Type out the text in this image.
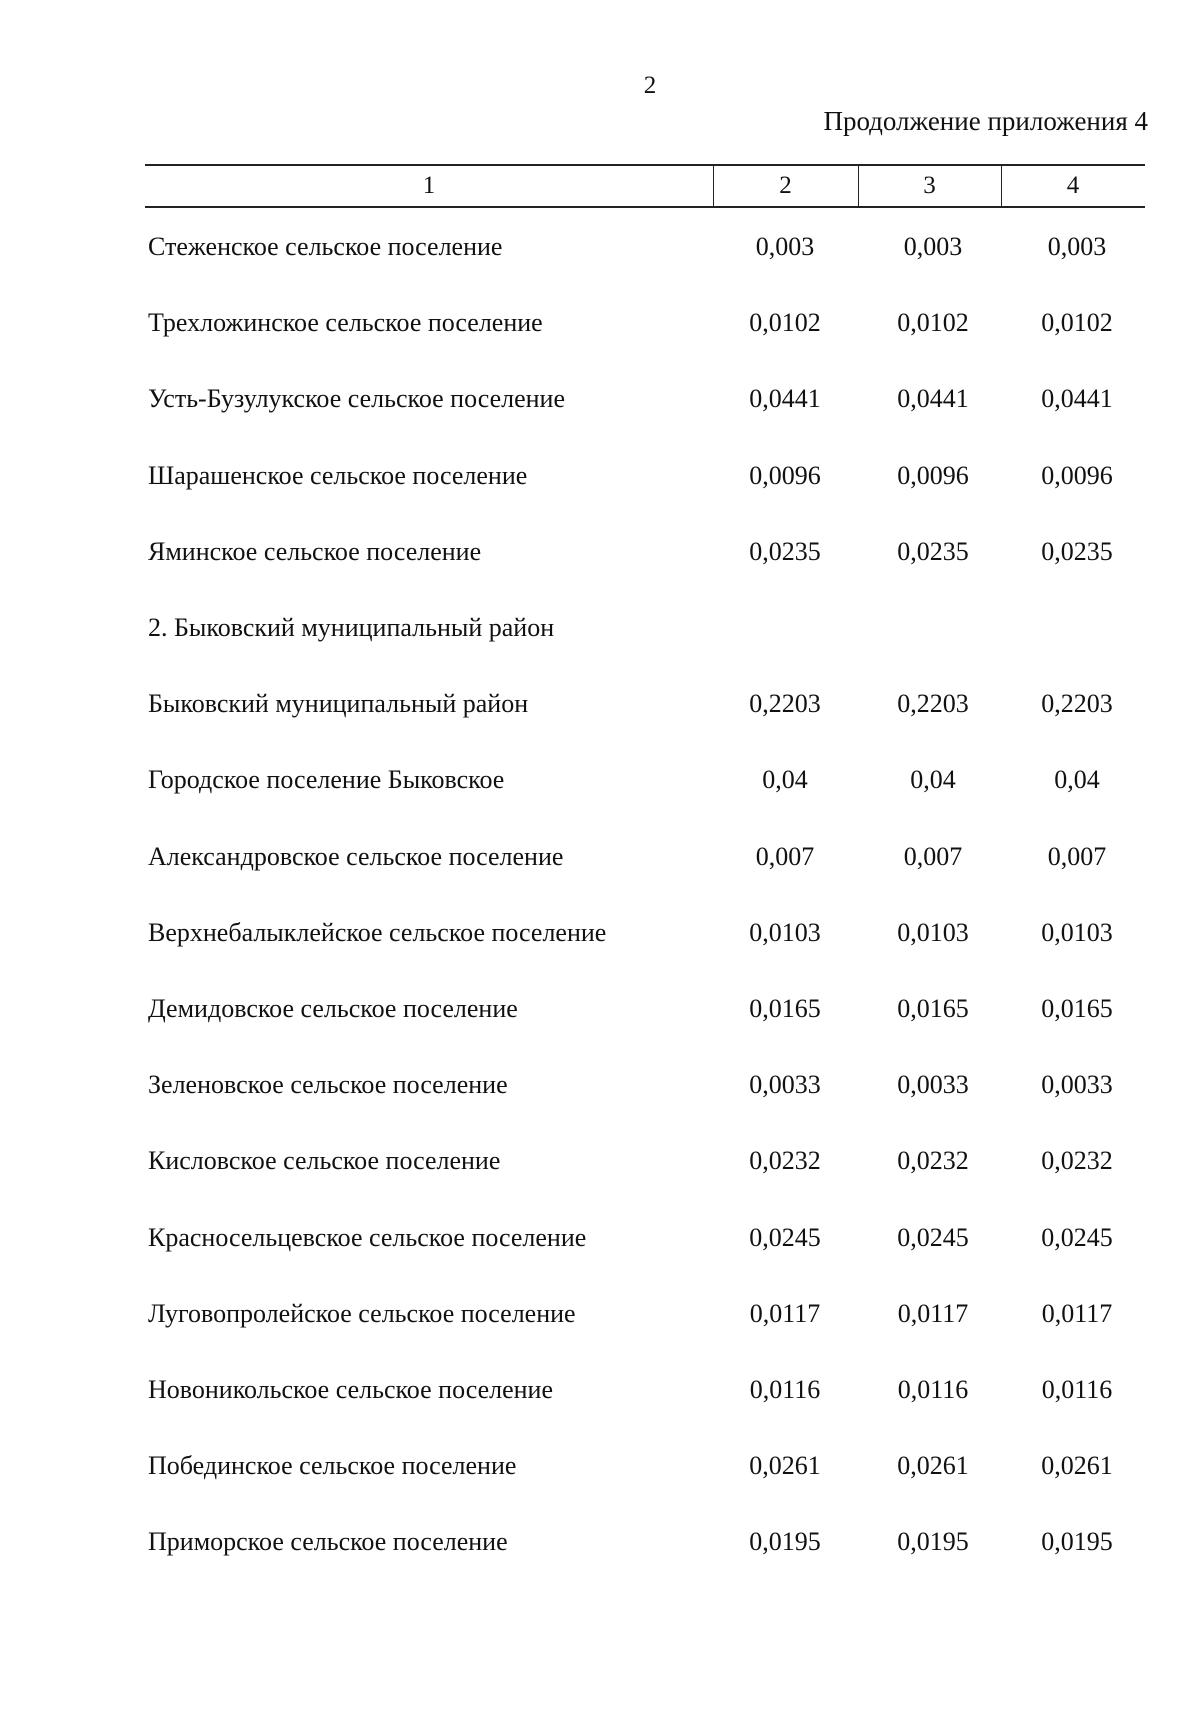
2
Продолжение приложения 4
1	2	3	4
Стеженское сельское поселение	0,003	0,003	0,003
Трехложинское сельское поселение	0,0102	0,0102	0,0102
Усть-Бузулукское сельское поселение	0,0441	0,0441	0,0441
Шарашенское сельское поселение	0,0096	0,0096	0,0096
Яминское сельское поселение	0,0235	0,0235	0,0235
2. Быковский муниципальный район
Быковский муниципальный район	0,2203	0,2203	0,2203
Городское поселение Быковское	0,04	0,04	0,04
Александровское сельское поселение	0,007	0,007	0,007
Верхнебалыклейское сельское поселение	0,0103	0,0103	0,0103
Демидовское сельское поселение	0,0165	0,0165	0,0165
Зеленовское сельское поселение	0,0033	0,0033	0,0033
Кисловское сельское поселение	0,0232	0,0232	0,0232
Красносельцевское сельское поселение	0,0245	0,0245	0,0245
Луговопролейское сельское поселение	0,0117	0,0117	0,0117
Новоникольское сельское поселение	0,0116	0,0116	0,0116
Побединское сельское поселение	0,0261	0,0261	0,0261
Приморское сельское поселение	0,0195	0,0195	0,0195
